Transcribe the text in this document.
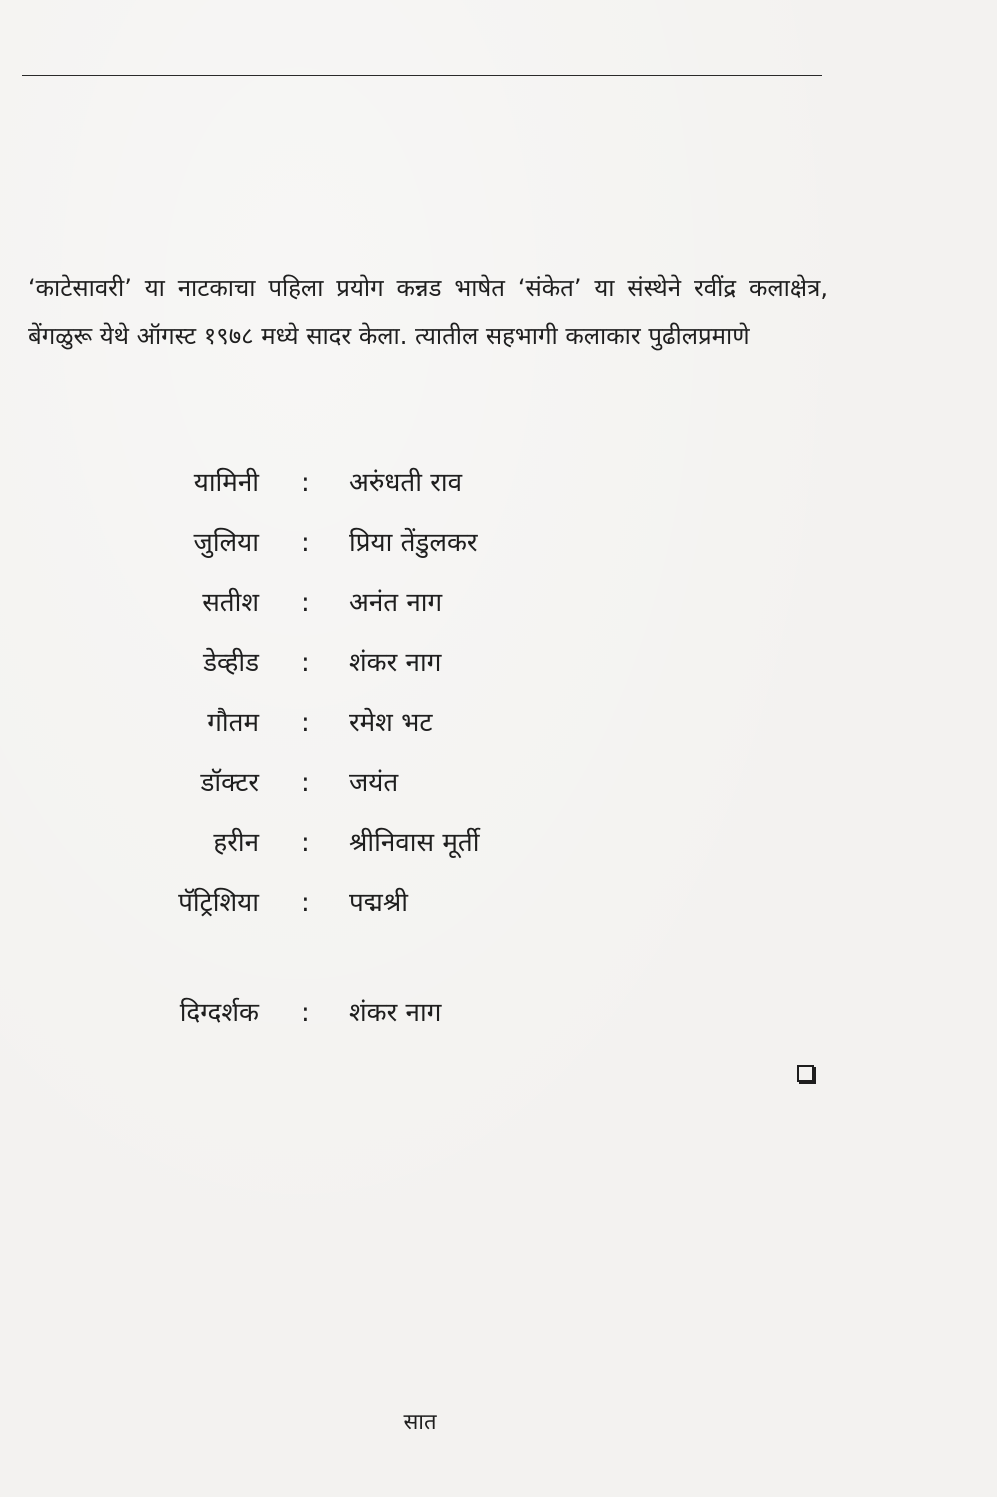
‘काटेसावरी’ या नाटकाचा पहिला प्रयोग कन्नड भाषेत ‘संकेत’ या संस्थेने रवींद्र कलाक्षेत्र, बेंगळुरू येथे ऑगस्ट १९७८ मध्ये सादर केला. त्यातील सहभागी कलाकार पुढीलप्रमाणे

यामिनी : अरुंधती राव
जुलिया : प्रिया तेंडुलकर
सतीश : अनंत नाग
डेव्हीड : शंकर नाग
गौतम : रमेश भट
डॉक्टर : जयंत
हरीन : श्रीनिवास मूर्ती
पॅट्रिशिया : पद्मश्री
दिग्दर्शक : शंकर नाग
सात
